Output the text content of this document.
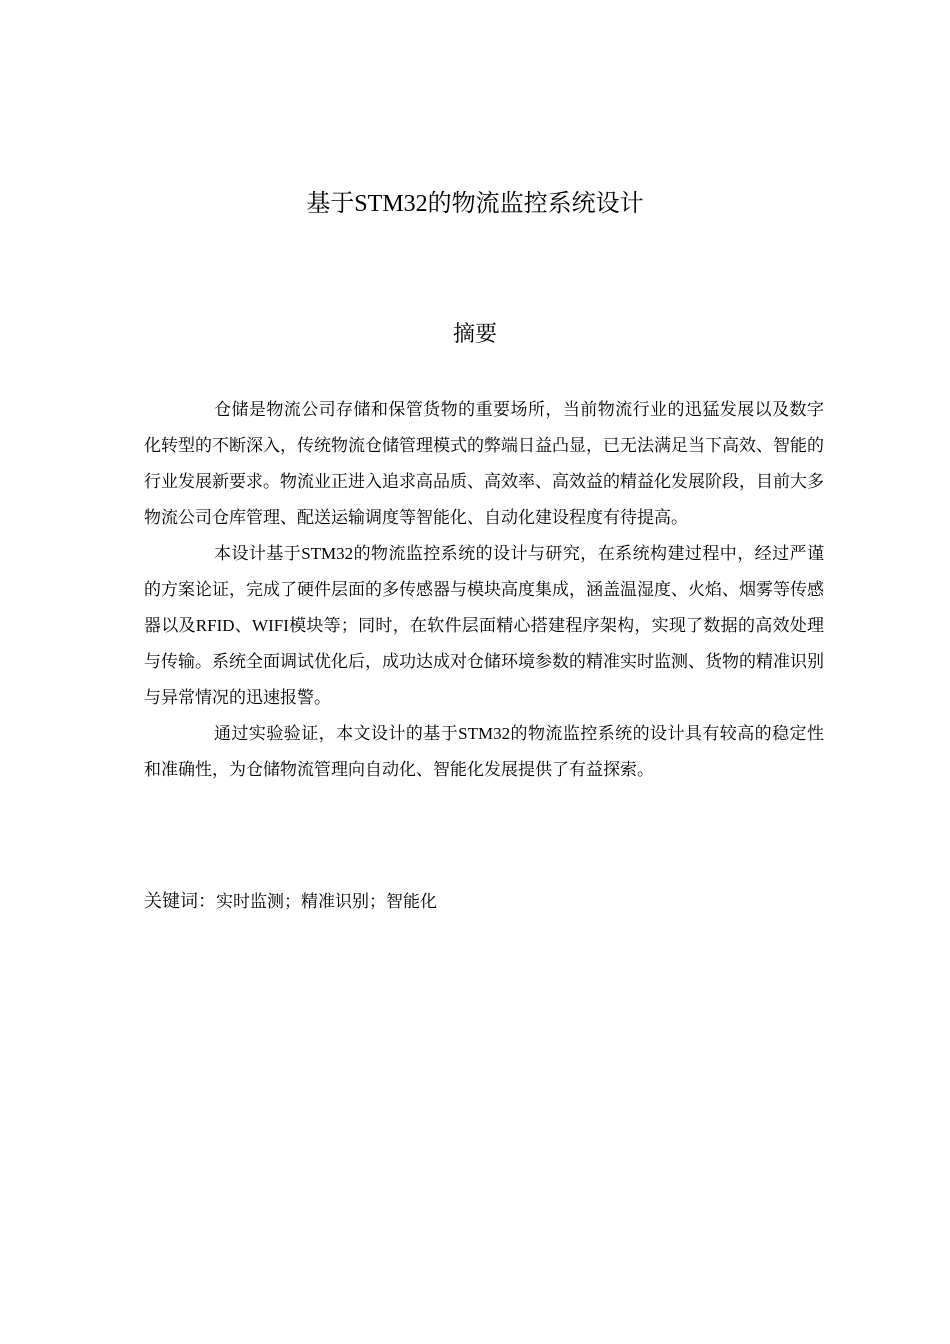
基于STM32的物流监控系统设计
摘要

仓储是物流公司存储和保管货物的重要场所，当前物流行业的迅猛发展以及数字化转型的不断深入，传统物流仓储管理模式的弊端日益凸显，已无法满足当下高效、智能的行业发展新要求。物流业正进入追求高品质、高效率、高效益的精益化发展阶段，目前大多物流公司仓库管理、配送运输调度等智能化、自动化建设程度有待提高。

本设计基于STM32的物流监控系统的设计与研究，在系统构建过程中，经过严谨的方案论证，完成了硬件层面的多传感器与模块高度集成，涵盖温湿度、火焰、烟雾等传感器以及RFID、WIFI模块等；同时，在软件层面精心搭建程序架构，实现了数据的高效处理与传输。系统全面调试优化后，成功达成对仓储环境参数的精准实时监测、货物的精准识别与异常情况的迅速报警。

通过实验验证，本文设计的基于STM32的物流监控系统的设计具有较高的稳定性和准确性，为仓储物流管理向自动化、智能化发展提供了有益探索。

关键词：实时监测；精准识别；智能化
